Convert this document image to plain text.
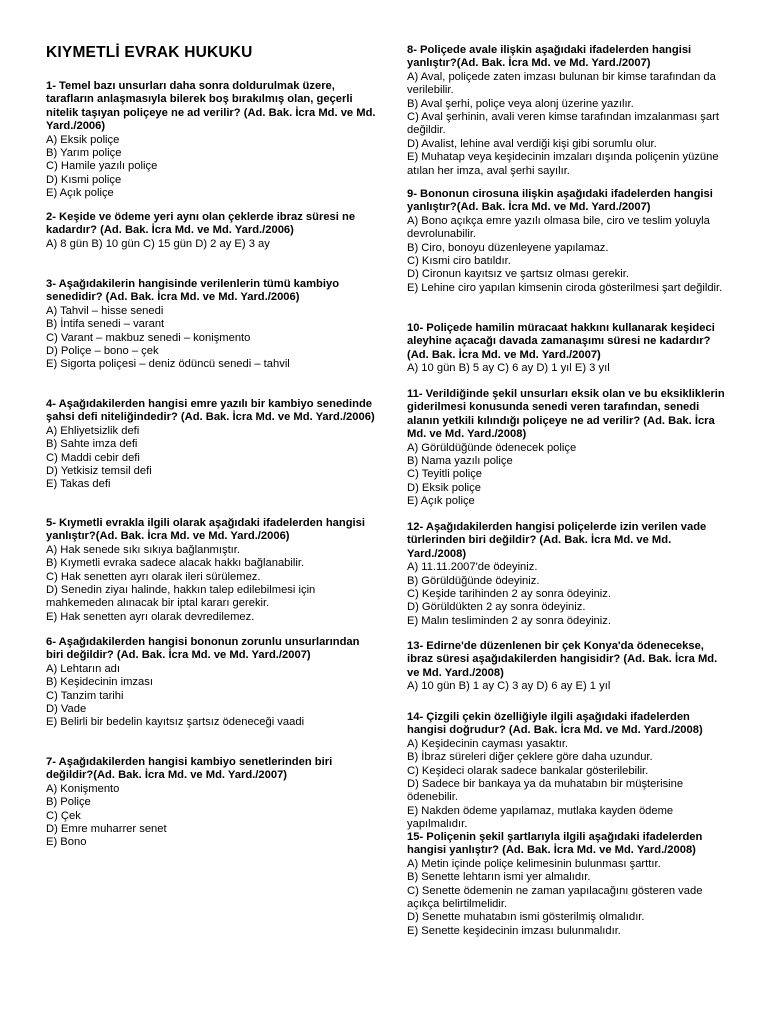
KIYMETLİ EVRAK HUKUKU
1- Temel bazı unsurları daha sonra doldurulmak üzere, tarafların anlaşmasıyla bilerek boş bırakılmış olan, geçerli nitelik taşıyan poliçeye ne ad verilir? (Ad. Bak. İcra Md. ve Md. Yard./2006)
A) Eksik poliçe
B) Yarım poliçe
C) Hamile yazılı poliçe
D) Kısmi poliçe
E) Açık poliçe
2- Keşide ve ödeme yeri aynı olan çeklerde ibraz süresi ne kadardır? (Ad. Bak. İcra Md. ve Md. Yard./2006)
A) 8 gün B) 10 gün C) 15 gün D) 2 ay E) 3 ay
3- Aşağıdakilerin hangisinde verilenlerin tümü kambiyo senedidir? (Ad. Bak. İcra Md. ve Md. Yard./2006)
A) Tahvil – hisse senedi
B) İntifa senedi – varant
C) Varant – makbuz senedi – konişmento
D) Poliçe – bono – çek
E) Sigorta poliçesi – deniz ödüncü senedi – tahvil
4- Aşağıdakilerden hangisi emre yazılı bir kambiyo senedinde şahsi defi niteliğindedir? (Ad. Bak. İcra Md. ve Md. Yard./2006)
A) Ehliyetsizlik defi
B) Sahte imza defi
C) Maddi cebir defi
D) Yetkisiz temsil defi
E) Takas defi
5- Kıymetli evrakla ilgili olarak aşağıdaki ifadelerden hangisi yanlıştır?(Ad. Bak. İcra Md. ve Md. Yard./2006)
A) Hak senede sıkı sıkıya bağlanmıştır.
B) Kıymetli evraka sadece alacak hakkı bağlanabilir.
C) Hak senetten ayrı olarak ileri sürülemez.
D) Senedin ziyaı halinde, hakkın talep edilebilmesi için mahkemeden alınacak bir iptal kararı gerekir.
E) Hak senetten ayrı olarak devredilemez.
6- Aşağıdakilerden hangisi bononun zorunlu unsurlarından biri değildir? (Ad. Bak. İcra Md. ve Md. Yard./2007)
A) Lehtarın adı
B) Keşidecinin imzası
C) Tanzim tarihi
D) Vade
E) Belirli bir bedelin kayıtsız şartsız ödeneceği vaadi
7- Aşağıdakilerden hangisi kambiyo senetlerinden biri değildir?(Ad. Bak. İcra Md. ve Md. Yard./2007)
A) Konişmento
B) Poliçe
C) Çek
D) Emre muharrer senet
E) Bono
8- Poliçede avale ilişkin aşağıdaki ifadelerden hangisi yanlıştır?(Ad. Bak. İcra Md. ve Md. Yard./2007)
A) Aval, poliçede zaten imzası bulunan bir kimse tarafından da verilebilir.
B) Aval şerhi, poliçe veya alonj üzerine yazılır.
C) Aval şerhinin, avali veren kimse tarafından imzalanması şart değildir.
D) Avalist, lehine aval verdiği kişi gibi sorumlu olur.
E) Muhatap veya keşidecinin imzaları dışında poliçenin yüzüne atılan her imza, aval şerhi sayılır.
9- Bononun cirosuna ilişkin aşağıdaki ifadelerden hangisi yanlıştır?(Ad. Bak. İcra Md. ve Md. Yard./2007)
A) Bono açıkça emre yazılı olmasa bile, ciro ve teslim yoluyla devrolunabilir.
B) Ciro, bonoyu düzenleyene yapılamaz.
C) Kısmi ciro batıldır.
D) Cironun kayıtsız ve şartsız olması gerekir.
E) Lehine ciro yapılan kimsenin ciroda gösterilmesi şart değildir.
10- Poliçede hamilin müracaat hakkını kullanarak keşideci aleyhine açacağı davada zamanaşımı süresi ne kadardır? (Ad. Bak. İcra Md. ve Md. Yard./2007)
A) 10 gün B) 5 ay C) 6 ay D) 1 yıl E) 3 yıl
11- Verildiğinde şekil unsurları eksik olan ve bu eksikliklerin giderilmesi konusunda senedi veren tarafından, senedi alanın yetkili kılındığı poliçeye ne ad verilir? (Ad. Bak. İcra Md. ve Md. Yard./2008)
A) Görüldüğünde ödenecek poliçe
B) Nama yazılı poliçe
C) Teyitli poliçe
D) Eksik poliçe
E) Açık poliçe
12- Aşağıdakilerden hangisi poliçelerde izin verilen vade türlerinden biri değildir? (Ad. Bak. İcra Md. ve Md. Yard./2008)
A) 11.11.2007'de ödeyiniz.
B) Görüldüğünde ödeyiniz.
C) Keşide tarihinden 2 ay sonra ödeyiniz.
D) Görüldükten 2 ay sonra ödeyiniz.
E) Malın tesliminden 2 ay sonra ödeyiniz.
13- Edirne'de düzenlenen bir çek Konya'da ödenecekse, ibraz süresi aşağıdakilerden hangisidir? (Ad. Bak. İcra Md. ve Md. Yard./2008)
A) 10 gün B) 1 ay C) 3 ay D) 6 ay E) 1 yıl
14- Çizgili çekin özelliğiyle ilgili aşağıdaki ifadelerden hangisi doğrudur? (Ad. Bak. İcra Md. ve Md. Yard./2008)
A) Keşidecinin cayması yasaktır.
B) İbraz süreleri diğer çeklere göre daha uzundur.
C) Keşideci olarak sadece bankalar gösterilebilir.
D) Sadece bir bankaya ya da muhatabın bir müşterisine ödenebilir.
E) Nakden ödeme yapılamaz, mutlaka kayden ödeme yapılmalıdır.
15- Poliçenin şekil şartlarıyla ilgili aşağıdaki ifadelerden hangisi yanlıştır? (Ad. Bak. İcra Md. ve Md. Yard./2008)
A) Metin içinde poliçe kelimesinin bulunması şarttır.
B) Senette lehtarın ismi yer almalıdır.
C) Senette ödemenin ne zaman yapılacağını gösteren vade açıkça belirtilmelidir.
D) Senette muhatabın ismi gösterilmiş olmalıdır.
E) Senette keşidecinin imzası bulunmalıdır.
